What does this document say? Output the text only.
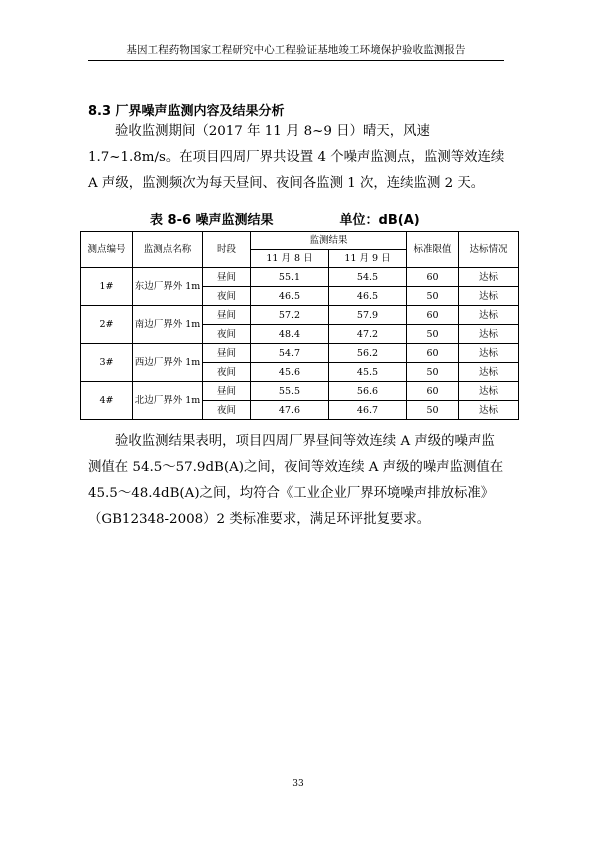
基因工程药物国家工程研究中心工程验证基地竣工环境保护验收监测报告
8.3 厂界噪声监测内容及结果分析

验收监测期间（2017 年 11 月 8~9 日）晴天，风速 1.7~1.8m/s。在项目四周厂界共设置 4 个噪声监测点，监测等效连续 A 声级，监测频次为每天昼间、夜间各监测 1 次，连续监测 2 天。

表 8-6 噪声监测结果	单位：dB(A)
测点编号	监测点名称	时段	监测结果		标准限值	达标情况
			11 月 8 日	11 月 9 日		
1#	东边厂界外 1m	昼间	55.1	54.5	60	达标
		夜间	46.5	46.5	50	达标
2#	南边厂界外 1m	昼间	57.2	57.9	60	达标
		夜间	48.4	47.2	50	达标
3#	西边厂界外 1m	昼间	54.7	56.2	60	达标
		夜间	45.6	45.5	50	达标
4#	北边厂界外 1m	昼间	55.5	56.6	60	达标
		夜间	47.6	46.7	50	达标

验收监测结果表明，项目四周厂界昼间等效连续 A 声级的噪声监测值在 54.5～57.9dB(A)之间，夜间等效连续 A 声级的噪声监测值在 45.5～48.4dB(A)之间，均符合《工业企业厂界环境噪声排放标准》（GB12348-2008）2 类标准要求，满足环评批复要求。

33
